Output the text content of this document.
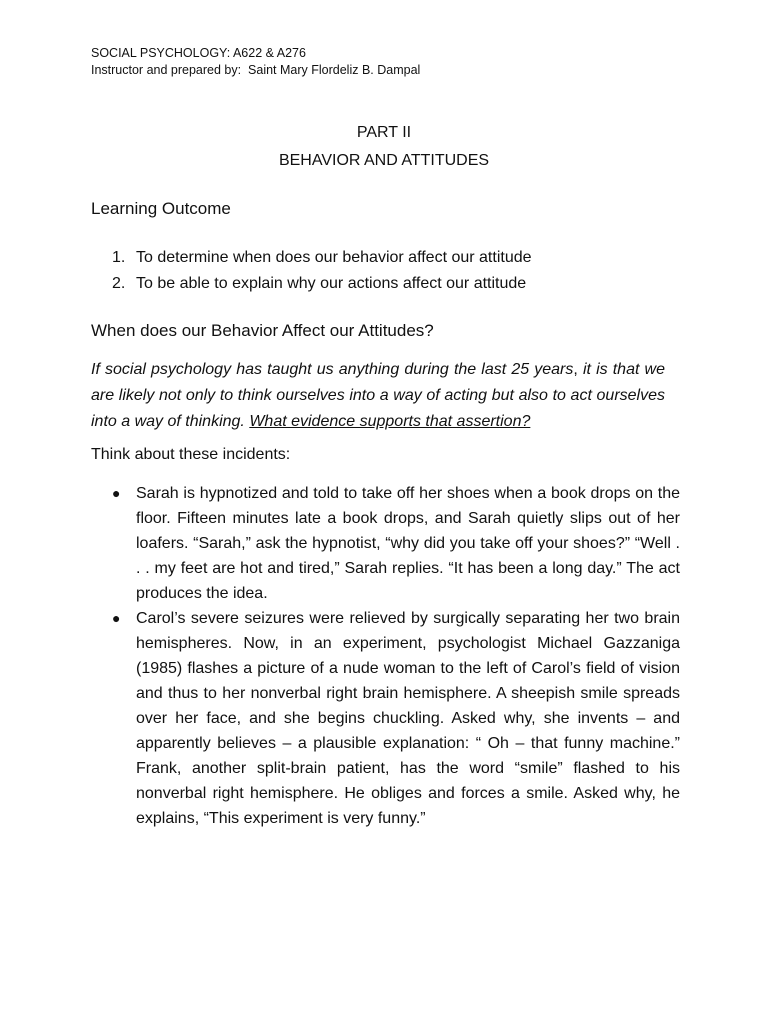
SOCIAL PSYCHOLOGY: A622 & A276
Instructor and prepared by:  Saint Mary Flordeliz B. Dampal
PART II
BEHAVIOR AND ATTITUDES
Learning Outcome
1. To determine when does our behavior affect our attitude
2. To be able to explain why our actions affect our attitude
When does our Behavior Affect our Attitudes?

If social psychology has taught us anything during the last 25 years, it is that we are likely not only to think ourselves into a way of acting but also to act ourselves into a way of thinking. What evidence supports that assertion?

Think about these incidents:
● Sarah is hypnotized and told to take off her shoes when a book drops on the floor. Fifteen minutes late a book drops, and Sarah quietly slips out of her loafers. “Sarah,” ask the hypnotist, “why did you take off your shoes?” “Well . . . my feet are hot and tired,” Sarah replies. “It has been a long day.” The act produces the idea.
● Carol’s severe seizures were relieved by surgically separating her two brain hemispheres. Now, in an experiment, psychologist Michael Gazzaniga (1985) flashes a picture of a nude woman to the left of Carol’s field of vision and thus to her nonverbal right brain hemisphere. A sheepish smile spreads over her face, and she begins chuckling. Asked why, she invents – and apparently believes – a plausible explanation: “ Oh – that funny machine.” Frank, another split-brain patient, has the word “smile” flashed to his nonverbal right hemisphere. He obliges and forces a smile. Asked why, he explains, “This experiment is very funny.”
